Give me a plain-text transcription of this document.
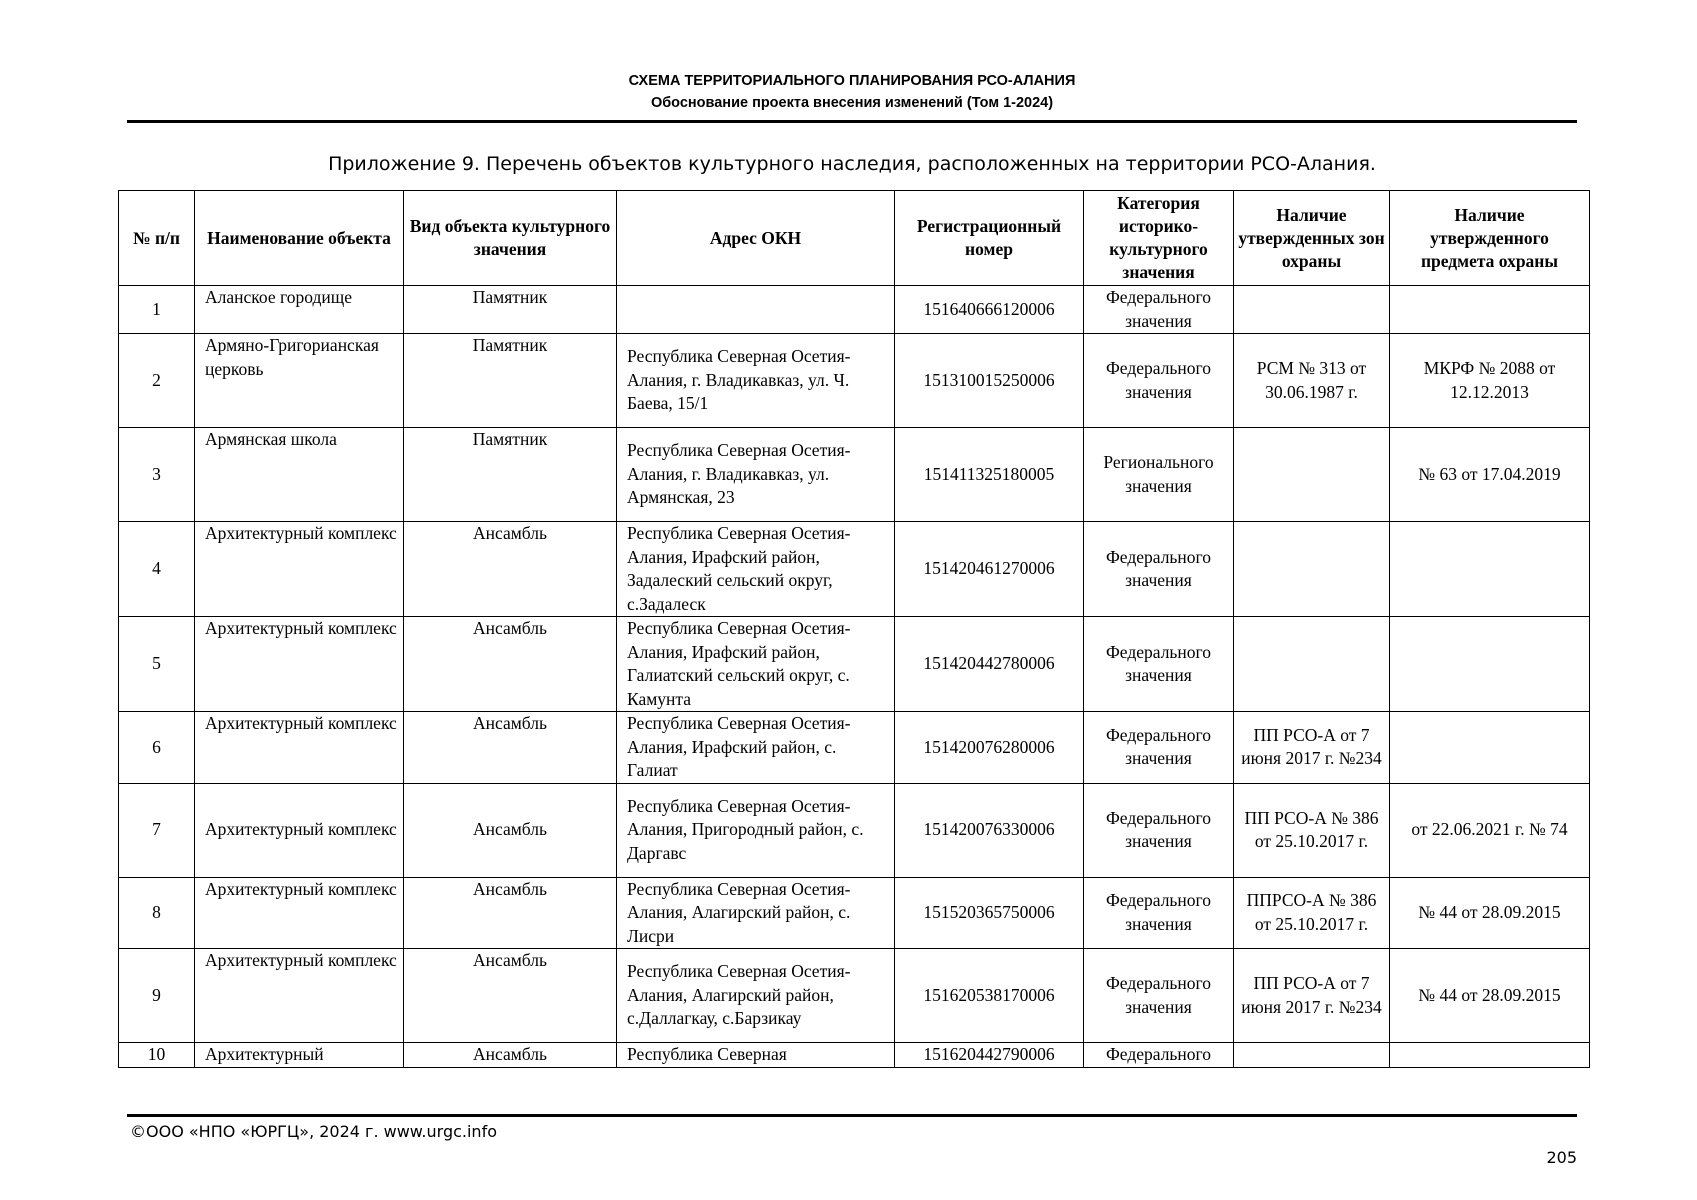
СХЕМА ТЕРРИТОРИАЛЬНОГО ПЛАНИРОВАНИЯ РСО-АЛАНИЯ
Обоснование проекта внесения изменений (Том 1-2024)
Приложение 9. Перечень объектов культурного наследия, расположенных на территории РСО-Алания.
№ п/п	Наименование объекта	Вид объекта культурного значения	Адрес ОКН	Регистрационный номер	Категория историко-культурного значения	Наличие утвержденных зон охраны	Наличие утвержденного предмета охраны
1	Аланское городище	Памятник		151640666120006	Федерального значения		
2	Армяно-Григорианская церковь	Памятник	Республика Северная Осетия-Алания, г. Владикавказ, ул. Ч. Баева, 15/1	151310015250006	Федерального значения	РСМ № 313 от 30.06.1987 г.	МКРФ № 2088 от 12.12.2013
3	Армянская школа	Памятник	Республика Северная Осетия-Алания, г. Владикавказ, ул. Армянская, 23	151411325180005	Регионального значения		№ 63 от 17.04.2019
4	Архитектурный комплекс	Ансамбль	Республика Северная Осетия-Алания, Ирафский район, Задалеский сельский округ, с.Задалеск	151420461270006	Федерального значения		
5	Архитектурный комплекс	Ансамбль	Республика Северная Осетия-Алания, Ирафский район, Галиатский сельский округ, с. Камунта	151420442780006	Федерального значения		
6	Архитектурный комплекс	Ансамбль	Республика Северная Осетия-Алания, Ирафский район, с. Галиат	151420076280006	Федерального значения	ПП РСО-А от 7 июня 2017 г. №234	
7	Архитектурный комплекс	Ансамбль	Республика Северная Осетия-Алания, Пригородный район, с. Даргавс	151420076330006	Федерального значения	ПП РСО-А № 386 от 25.10.2017 г.	от 22.06.2021 г. № 74
8	Архитектурный комплекс	Ансамбль	Республика Северная Осетия-Алания, Алагирский район, с. Лисри	151520365750006	Федерального значения	ППРСО-А № 386 от 25.10.2017 г.	№ 44 от 28.09.2015
9	Архитектурный комплекс	Ансамбль	Республика Северная Осетия-Алания, Алагирский район, с.Даллагкау, с.Барзикау	151620538170006	Федерального значения	ПП РСО-А от 7 июня 2017 г. №234	№ 44 от 28.09.2015
10	Архитектурный	Ансамбль	Республика Северная	151620442790006	Федерального		
©ООО «НПО «ЮРГЦ», 2024 г. www.urgc.info
205
